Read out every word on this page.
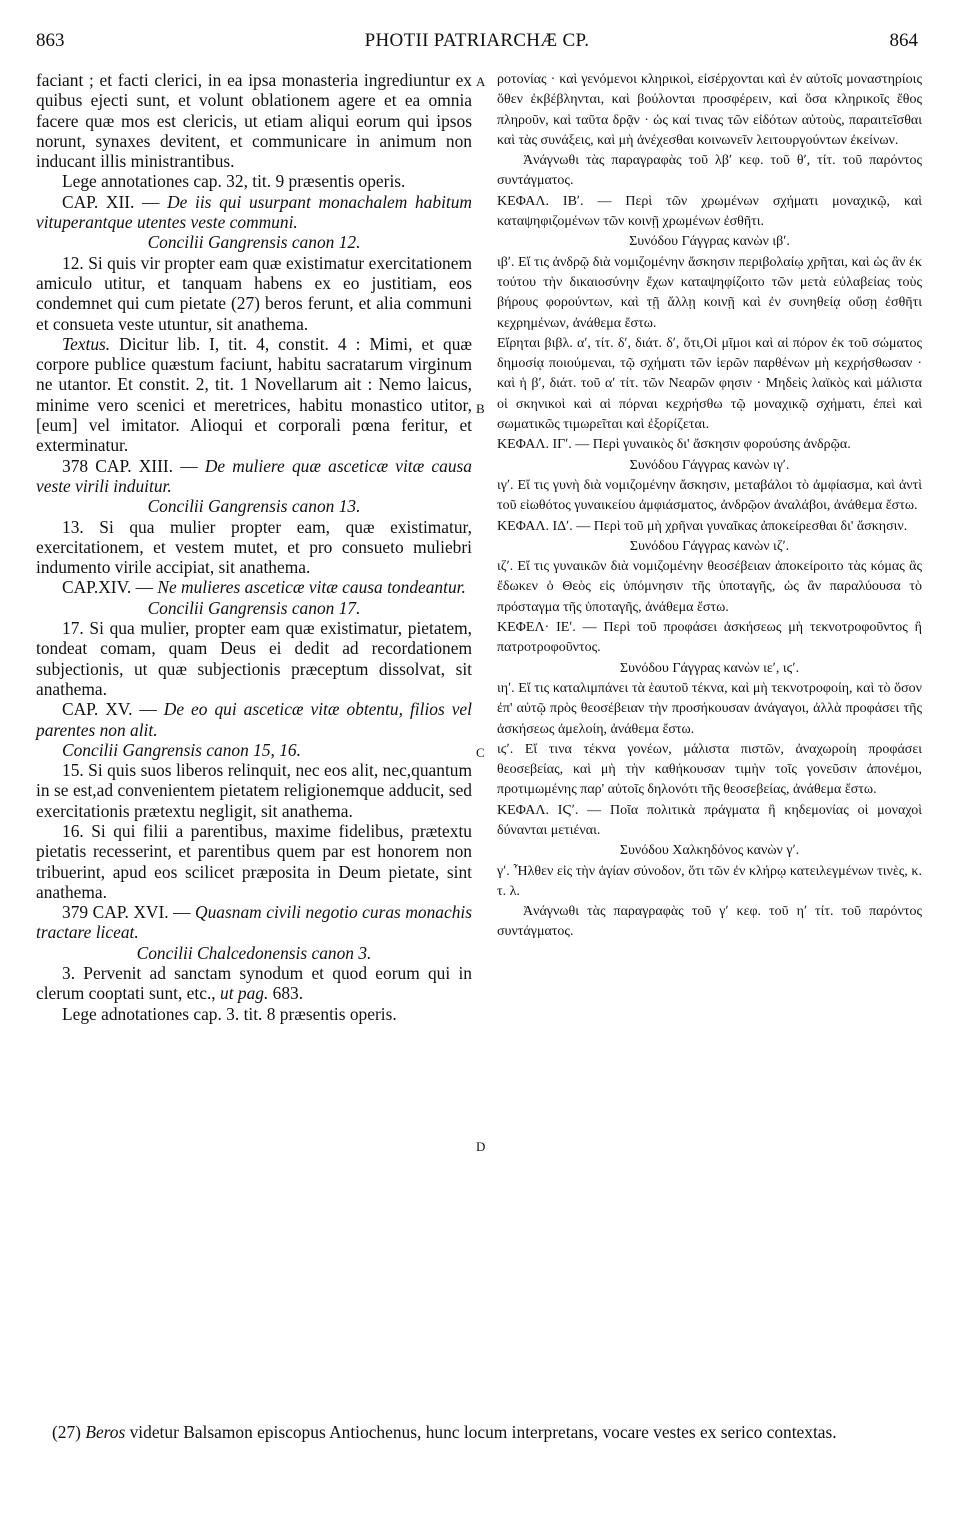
863	PHOTII PATRIARCHÆ CP.	864
A
B
C
D

faciant ; et facti clerici, in ea ipsa monasteria ingrediuntur ex quibus ejecti sunt, et volunt oblationem agere et ea omnia facere quæ mos est clericis, ut etiam aliqui eorum qui ipsos norunt, synaxes devitent, et communicare in animum non inducant illis ministrantibus.

Lege annotationes cap. 32, tit. 9 præsentis operis.

CAP. XII. — De iis qui usurpant monachalem habitum vituperantque utentes veste communi.

Concilii Gangrensis canon 12.

12. Si quis vir propter eam quæ existimatur exercitationem amiculo utitur, et tanquam habens ex eo justitiam, eos condemnet qui cum pietate (27) beros ferunt, et alia communi et consueta veste utuntur, sit anathema.

Textus. Dicitur lib. I, tit. 4, constit. 4 : Mimi, et quæ corpore publice quæstum faciunt, habitu sacratarum virginum ne utantor. Et constit. 2, tit. 1 Novellarum ait : Nemo laicus, minime vero scenici et meretrices, habitu monastico utitor, [eum] vel imitator. Alioqui et corporali pœna feritur, et exterminatur.

378 CAP. XIII. — De muliere quæ asceticæ vitæ causa veste virili induitur.

Concilii Gangrensis canon 13.

13. Si qua mulier propter eam, quæ existimatur, exercitationem, et vestem mutet, et pro consueto muliebri indumento virile accipiat, sit anathema.

CAP.XIV. — Ne mulieres asceticæ vitæ causa tondeantur.

Concilii Gangrensis canon 17.

17. Si qua mulier, propter eam quæ existimatur, pietatem, tondeat comam, quam Deus ei dedit ad recordationem subjectionis, ut quæ subjectionis præceptum dissolvat, sit anathema.

CAP. XV. — De eo qui asceticæ vitæ obtentu, filios vel parentes non alit.

Concilii Gangrensis canon 15, 16.

15. Si quis suos liberos relinquit, nec eos alit, nec,quantum in se est,ad convenientem pietatem religionemque adducit, sed exercitationis prætextu negligit, sit anathema.

16. Si qui filii a parentibus, maxime fidelibus, prætextu pietatis recesserint, et parentibus quem par est honorem non tribuerint, apud eos scilicet præposita in Deum pietate, sint anathema.

379 CAP. XVI. — Quasnam civili negotio curas monachis tractare liceat.

Concilii Chalcedonensis canon 3.

3. Pervenit ad sanctam synodum et quod eorum qui in clerum cooptati sunt, etc., ut pag. 683.

Lege adnotationes cap. 3. tit. 8 præsentis operis.

ροτονίας · καὶ γενόμενοι κληρικοὶ, εἰσέρχονται καὶ ἐν αὐτοῖς μοναστηρίοις ὅθεν ἐκβέβληνται, καὶ βούλονται προσφέρειν, καὶ ὅσα κληρικοῖς ἔθος πληροῦν, καὶ ταῦτα δρᾷν · ὡς καί τινας τῶν εἰδότων αὐτοὺς, παραιτεῖσθαι καὶ τὰς συνάξεις, καὶ μὴ ἀνέχεσθαι κοινωνεῖν λειτουργούντων ἐκείνων.

Ἀνάγνωθι τὰς παραγραφὰς τοῦ λβʹ κεφ. τοῦ θʹ, τίτ. τοῦ παρόντος συντάγματος.

ΚΕΦΑΛ. ΙΒʹ. — Περὶ τῶν χρωμένων σχήματι μοναχικῷ, καὶ καταψηφιζομένων τῶν κοινῇ χρωμένων ἐσθῆτι.

Συνόδου Γάγγρας κανὼν ιβʹ.

ιβʹ. Εἴ τις ἀνδρῷ διὰ νομιζομένην ἄσκησιν περιβολαίῳ χρῆται, καὶ ὡς ἂν ἐκ τούτου τὴν δικαιοσύνην ἔχων καταψηφίζοιτο τῶν μετὰ εὐλαβείας τοὺς βήρους φορούντων, καὶ τῇ ἄλλῃ κοινῇ καὶ ἐν συνηθείᾳ οὔσῃ ἐσθῆτι κεχρημένων, ἀνάθεμα ἔστω.

Εἴρηται βιβλ. αʹ, τίτ. δʹ, διάτ. δʹ, ὅτι,Οἱ μῖμοι καὶ αἱ πόρον ἐκ τοῦ σώματος δημοσίᾳ ποιούμεναι, τῷ σχήματι τῶν ἱερῶν παρθένων μὴ κεχρήσθωσαν · καὶ ἡ βʹ, διάτ. τοῦ αʹ τίτ. τῶν Νεαρῶν φησιν · Μηδεὶς λαϊκὸς καὶ μάλιστα οἱ σκηνικοὶ καὶ αἱ πόρναι κεχρήσθω τῷ μοναχικῷ σχήματι, ἐπεὶ καὶ σωματικῶς τιμωρεῖται καὶ ἐξορίζεται.

ΚΕΦΑΛ. ΙΓʹ. — Περὶ γυναικὸς δι' ἄσκησιν φορούσης ἀνδρῷα.

Συνόδου Γάγγρας κανὼν ιγʹ.

ιγʹ. Εἴ τις γυνὴ διὰ νομιζομένην ἄσκησιν, μεταβάλοι τὸ ἀμφίασμα, καὶ ἀντὶ τοῦ εἰωθότος γυναικείου ἀμφιάσματος, ἀνδρῷον ἀναλάβοι, ἀνάθεμα ἔστω.

ΚΕΦΑΛ. ΙΔʹ. — Περὶ τοῦ μὴ χρῆναι γυναῖκας ἀποκείρεσθαι δι' ἄσκησιν.

Συνόδου Γάγγρας κανὼν ιζʹ.

ιζʹ. Εἴ τις γυναικῶν διὰ νομιζομένην θεοσέβειαν ἀποκείροιτο τὰς κόμας ἃς ἔδωκεν ὁ Θεὸς εἰς ὑπόμνησιν τῆς ὑποταγῆς, ὡς ἂν παραλύουσα τὸ πρόσταγμα τῆς ὑποταγῆς, ἀνάθεμα ἔστω.

ΚΕΦΕΛ· ΙΕʹ. — Περὶ τοῦ προφάσει ἀσκήσεως μὴ τεκνοτροφοῦντος ἢ πατροτροφοῦντος.

Συνόδου Γάγγρας κανὼν ιεʹ, ιϛʹ.

ιηʹ. Εἴ τις καταλιμπάνει τὰ ἑαυτοῦ τέκνα, καὶ μὴ τεκνοτροφοίη, καὶ τὸ ὅσον ἐπ' αὐτῷ πρὸς θεοσέβειαν τὴν προσήκουσαν ἀνάγαγοι, ἀλλὰ προφάσει τῆς ἀσκήσεως ἀμελοίη, ἀνάθεμα ἔστω.

ιϛʹ. Εἴ τινα τέκνα γονέων, μάλιστα πιστῶν, ἀναχωροίη προφάσει θεοσεβείας, καὶ μὴ τὴν καθήκουσαν τιμὴν τοῖς γονεῦσιν ἀπονέμοι, προτιμωμένης παρ' αὐτοῖς δηλονότι τῆς θεοσεβείας, ἀνάθεμα ἔστω.

ΚΕΦΑΛ. ΙϚʹ. — Ποῖα πολιτικὰ πράγματα ἢ κηδεμονίας οἱ μοναχοὶ δύνανται μετιέναι.

Συνόδου Χαλκηδόνος κανὼν γʹ.

γʹ. Ἦλθεν εἰς τὴν ἁγίαν σύνοδον, ὅτι τῶν ἐν κλήρῳ κατειλεγμένων τινὲς, κ. τ. λ.

Ἀνάγνωθι τὰς παραγραφὰς τοῦ γʹ κεφ. τοῦ ηʹ τίτ. τοῦ παρόντος συντάγματος.

(27) Beros videtur Balsamon episcopus Antiochenus, hunc locum interpretans, vocare vestes ex serico contextas.
